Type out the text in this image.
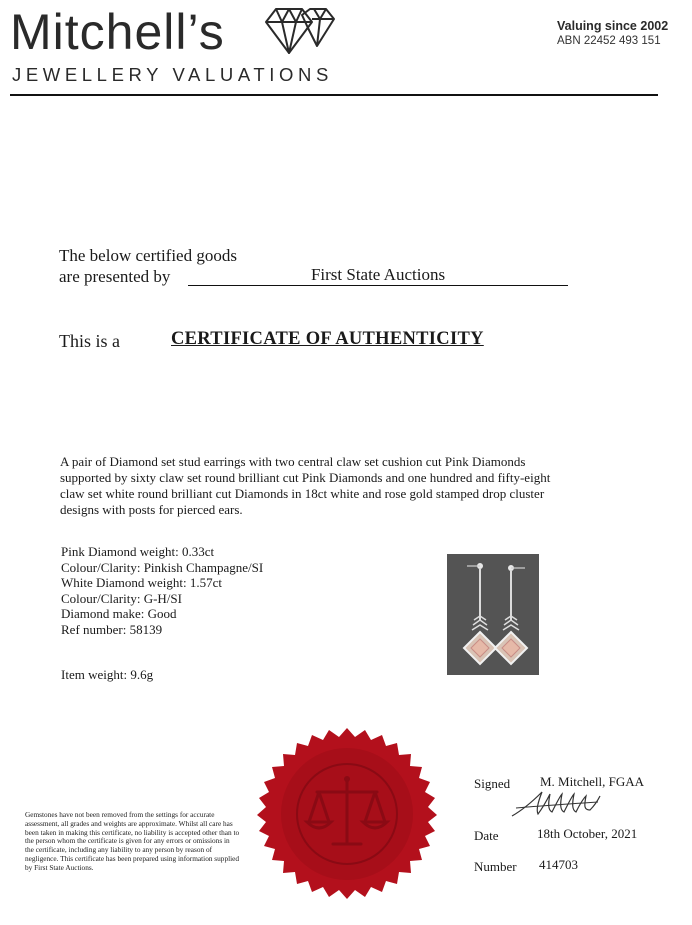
Mitchell’s
JEWELLERY VALUATIONS
Valuing since 2002
ABN 22452 493 151
The below certified goods
are presented by	First State Auctions
This is a	CERTIFICATE OF AUTHENTICITY
A pair of Diamond set stud earrings with two central claw set cushion cut Pink Diamonds supported by sixty claw set round brilliant cut Pink Diamonds and one hundred and fifty-eight claw set white round brilliant cut Diamonds in 18ct white and rose gold stamped drop cluster designs with posts for pierced ears.
Pink Diamond weight: 0.33ct
Colour/Clarity: Pinkish Champagne/SI
White Diamond weight: 1.57ct
Colour/Clarity: G-H/SI
Diamond make: Good
Ref number: 58139
Item weight: 9.6g
Gemstones have not been removed from the settings for accurate assessment, all grades and weights are approximate. Whilst all care has been taken in making this certificate, no liability is accepted other than to the person whom the certificate is given for any errors or omissions in the certificate, including any liability to any person by reason of negligence. This certificate has been prepared using information supplied by First State Auctions.
Signed M. Mitchell, FGAA
Date	18th October, 2021
Number 414703
